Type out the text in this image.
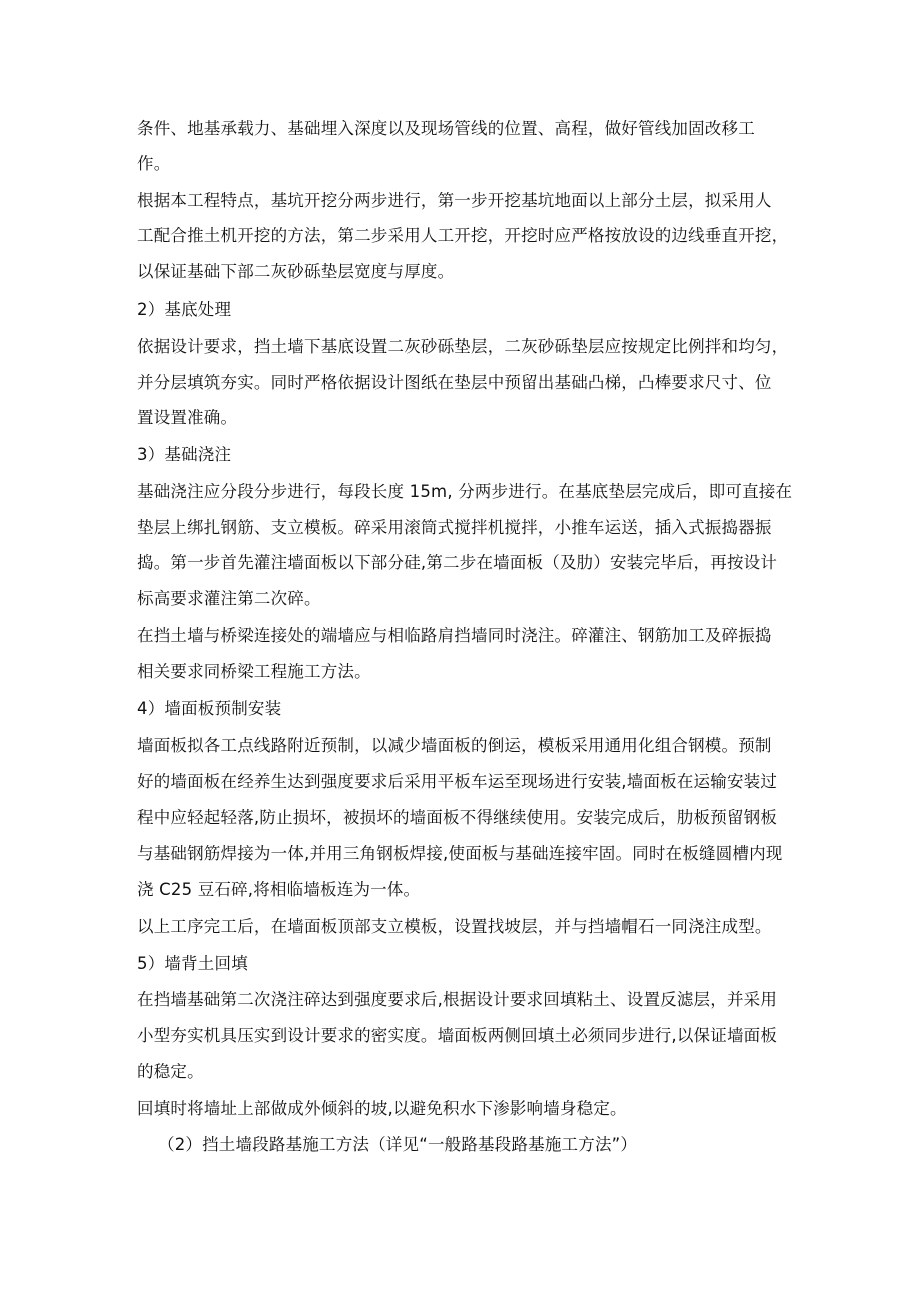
条件、地基承载力、基础埋入深度以及现场管线的位置、高程，做好管线加固改移工
作。
根据本工程特点，基坑开挖分两步进行，第一步开挖基坑地面以上部分土层，拟采用人
工配合推土机开挖的方法，第二步采用人工开挖，开挖时应严格按放设的边线垂直开挖，
以保证基础下部二灰砂砾垫层宽度与厚度。
2）基底处理
依据设计要求，挡土墙下基底设置二灰砂砾垫层，二灰砂砾垫层应按规定比例拌和均匀，
并分层填筑夯实。同时严格依据设计图纸在垫层中预留出基础凸梯，凸棒要求尺寸、位
置设置准确。
3）基础浇注
基础浇注应分段分步进行，每段长度 15m, 分两步进行。在基底垫层完成后，即可直接在
垫层上绑扎钢筋、支立模板。碎采用滚筒式搅拌机搅拌，小推车运送，插入式振捣器振
捣。第一步首先灌注墙面板以下部分硅,第二步在墙面板（及肋）安装完毕后，再按设计
标高要求灌注第二次碎。
在挡土墙与桥梁连接处的端墙应与相临路肩挡墙同时浇注。碎灌注、钢筋加工及碎振捣
相关要求同桥梁工程施工方法。
4）墙面板预制安装
墙面板拟各工点线路附近预制，以减少墙面板的倒运，模板采用通用化组合钢模。预制
好的墙面板在经养生达到强度要求后采用平板车运至现场进行安装,墙面板在运输安装过
程中应轻起轻落,防止损坏，被损坏的墙面板不得继续使用。安装完成后，肋板预留钢板
与基础钢筋焊接为一体,并用三角钢板焊接,使面板与基础连接牢固。同时在板缝圆槽内现
浇 C25 豆石碎,将相临墙板连为一体。
以上工序完工后，在墙面板顶部支立模板，设置找坡层，并与挡墙帽石一同浇注成型。
5）墙背土回填
在挡墙基础第二次浇注碎达到强度要求后,根据设计要求回填粘土、设置反滤层，并采用
小型夯实机具压实到设计要求的密实度。墙面板两侧回填土必须同步进行,以保证墙面板
的稳定。
回填时将墙址上部做成外倾斜的坡,以避免积水下渗影响墙身稳定。
（2）挡土墙段路基施工方法（详见“一般路基段路基施工方法”）
